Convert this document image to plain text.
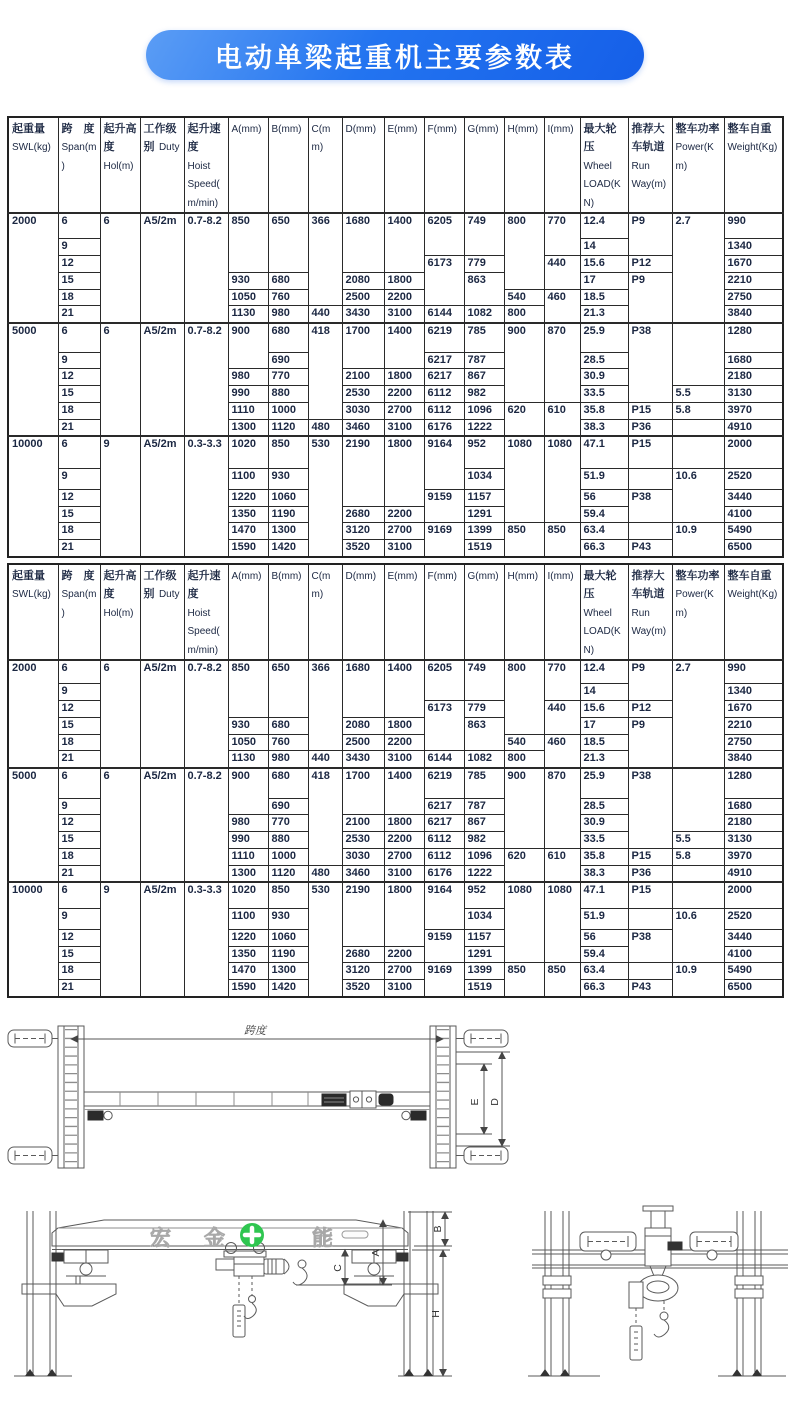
电动单梁起重机主要参数表
起重量 SWL(kg)	跨　度 Span(m)	起升高度 Hol(m)	工作级别 Duty	起升速度 Hoist Speed( m/min)	A(mm)	B(mm)	C(mm)	D(mm)	E(mm)	F(mm)	G(mm)	H(mm)	I(mm)	最大轮压 Wheel LOAD(KN)	推荐大车轨道 Run Way(m)	整车功率 Power(Km)	整车自重 Weight(Kg)
2000	6	6	A5/2m	0.7-8.2	850	650	366	1680	1400	6205	749	800	770	12.4	P9	2.7	990
	9													14			1340
	12									6173	779		440	15.6	P12		1670
	15				930	680		2080	1800		863			17	P9		2210
	18				1050	760		2500	2200			540	460	18.5			2750
	21				1130	980	440	3430	3100	6144	1082	800		21.3			3840
5000	6	6	A5/2m	0.7-8.2	900	680	418	1700	1400	6219	785	900	870	25.9	P38		1280
	9					690				6217	787			28.5			1680
	12				980	770		2100	1800	6217	867			30.9			2180
	15				990	880		2530	2200	6112	982			33.5		5.5	3130
	18				1110	1000		3030	2700	6112	1096	620	610	35.8	P15	5.8	3970
	21				1300	1120	480	3460	3100	6176	1222			38.3	P36		4910
10000	6	9	A5/2m	0.3-3.3	1020	850	530	2190	1800	9164	952	1080	1080	47.1	P15		2000
	9				1100	930					1034			51.9		10.6	2520
	12				1220	1060				9159	1157			56	P38		3440
	15				1350	1190		2680	2200		1291			59.4			4100
	18				1470	1300		3120	2700	9169	1399	850	850	63.4		10.9	5490
	21				1590	1420		3520	3100		1519			66.3	P43		6500
起重量 SWL(kg)	跨　度 Span(m)	起升高度 Hol(m)	工作级别 Duty	起升速度 Hoist Speed( m/min)	A(mm)	B(mm)	C(mm)	D(mm)	E(mm)	F(mm)	G(mm)	H(mm)	I(mm)	最大轮压 Wheel LOAD(KN)	推荐大车轨道 Run Way(m)	整车功率 Power(Km)	整车自重 Weight(Kg)
2000	6	6	A5/2m	0.7-8.2	850	650	366	1680	1400	6205	749	800	770	12.4	P9	2.7	990
	9													14			1340
	12									6173	779		440	15.6	P12		1670
	15				930	680		2080	1800		863			17	P9		2210
	18				1050	760		2500	2200			540	460	18.5			2750
	21				1130	980	440	3430	3100	6144	1082	800		21.3			3840
5000	6	6	A5/2m	0.7-8.2	900	680	418	1700	1400	6219	785	900	870	25.9	P38		1280
	9					690				6217	787			28.5			1680
	12				980	770		2100	1800	6217	867			30.9			2180
	15				990	880		2530	2200	6112	982			33.5		5.5	3130
	18				1110	1000		3030	2700	6112	1096	620	610	35.8	P15	5.8	3970
	21				1300	1120	480	3460	3100	6176	1222			38.3	P36		4910
10000	6	9	A5/2m	0.3-3.3	1020	850	530	2190	1800	9164	952	1080	1080	47.1	P15		2000
	9				1100	930					1034			51.9		10.6	2520
	12				1220	1060				9159	1157			56	P38		3440
	15				1350	1190		2680	2200		1291			59.4			4100
	18				1470	1300		3120	2700	9169	1399	850	850	63.4		10.9	5490
	21				1590	1420		3520	3100		1519			66.3	P43		6500
跨度
E D
宏 金	能
A
C
B
H
